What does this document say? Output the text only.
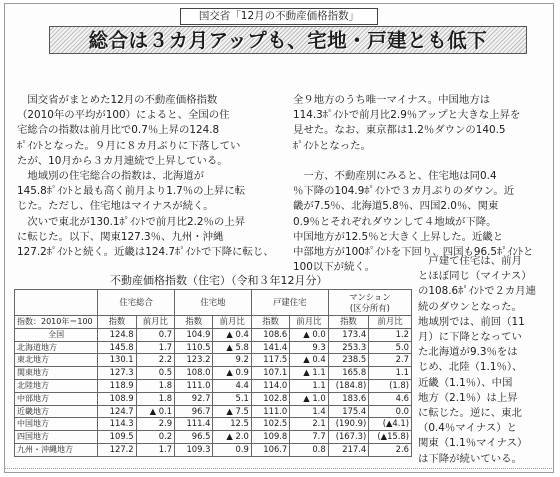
国交省「12月の不動産価格指数」
総合は３カ月アップも、宅地・戸建とも低下

　国交省がまとめた12月の不動産価格指数

（2010年の平均が100）によると、全国の住

宅総合の指数は前月比で0.7％上昇の124.8

ﾎﾟｲﾝﾄとなった。９月に８カ月ぶりに下落してい

たが、10月から３カ月連続で上昇している。

　地域別の住宅総合の指数は、北海道が

145.8ﾎﾟｲﾝﾄと最も高く前月より1.7％の上昇に転

じた。ただし、住宅地はマイナスが続く。

　次いで東北が130.1ﾎﾟｲﾝﾄで前月比2.2％の上昇

に転じた。以下、関東127.3％、九州・沖縄

127.2ﾎﾟｲﾝﾄと続く。近畿は124.7ﾎﾟｲﾝﾄで下降に転じ、

全９地方のうち唯一マイナス。中国地方は

114.3ﾎﾟｲﾝﾄで前月比2.9％アップと大きな上昇を

見せた。なお、東京都は1.2％ダウンの140.5

ﾎﾟｲﾝﾄとなった。

　一方、不動産別にみると、住宅地は同0.4

％下降の104.9ﾎﾟｲﾝﾄで３カ月ぶりのダウン。近

畿が7.5％、北海道5.8％、四国2.0％、関東

0.9％とそれぞれダウンして４地域が下降。

中国地方が12.5％と大きく上昇した。近畿と

中部地方が100ﾎﾟｲﾝﾄを下回り、四国も96.5ﾎﾟｲﾝﾄと

100以下が続く。

　戸建て住宅は、前月

とほぼ同じ（マイナス）

の108.6ﾎﾟｲﾝﾄで２カ月連

続のダウンとなった。

地域別では、前回（11

月）に下降となってい

た北海道が9.3％をは

じめ、北陸（1.1％）、

近畿（1.1％）、中国

地方（2.1％）は上昇

に転じた。逆に、東北

（0.4％マイナス）と

関東（1.1％マイナス）

は下降が続いている。

不動産価格指数（住宅）（令和３年12月分）
	住宅総合		住宅地		戸建住宅		マンション
(区分所有)	

指数：2010年＝100	指数	前月比	指数	前月比	指数	前月比	指数	前月比
全国	124.8	0.7	104.9	▲ 0.4	108.6	▲ 0.0	173.4	1.2
北海道地方	145.8	1.7	110.5	▲ 5.8	141.4	9.3	253.3	5.0
東北地方	130.1	2.2	123.2	9.2	117.5	▲ 0.4	238.5	2.7
関東地方	127.3	0.5	108.0	▲ 0.9	107.1	▲ 1.1	165.8	1.1
北陸地方	118.9	1.8	111.0	4.4	114.0	1.1	(184.8)	(1.8)
中部地方	108.9	1.8	92.7	5.1	102.8	▲ 1.0	183.6	4.6
近畿地方	124.7	▲ 0.1	96.7	▲ 7.5	111.0	1.4	175.4	0.0
中国地方	114.3	2.9	111.4	12.5	102.5	2.1	(190.9)	(▲4.1)
四国地方	109.5	0.2	96.5	▲ 2.0	109.8	7.7	(167.3)	(▲15.8)
九州・沖縄地方	127.2	1.7	109.3	0.9	106.7	0.8	217.4	2.6
